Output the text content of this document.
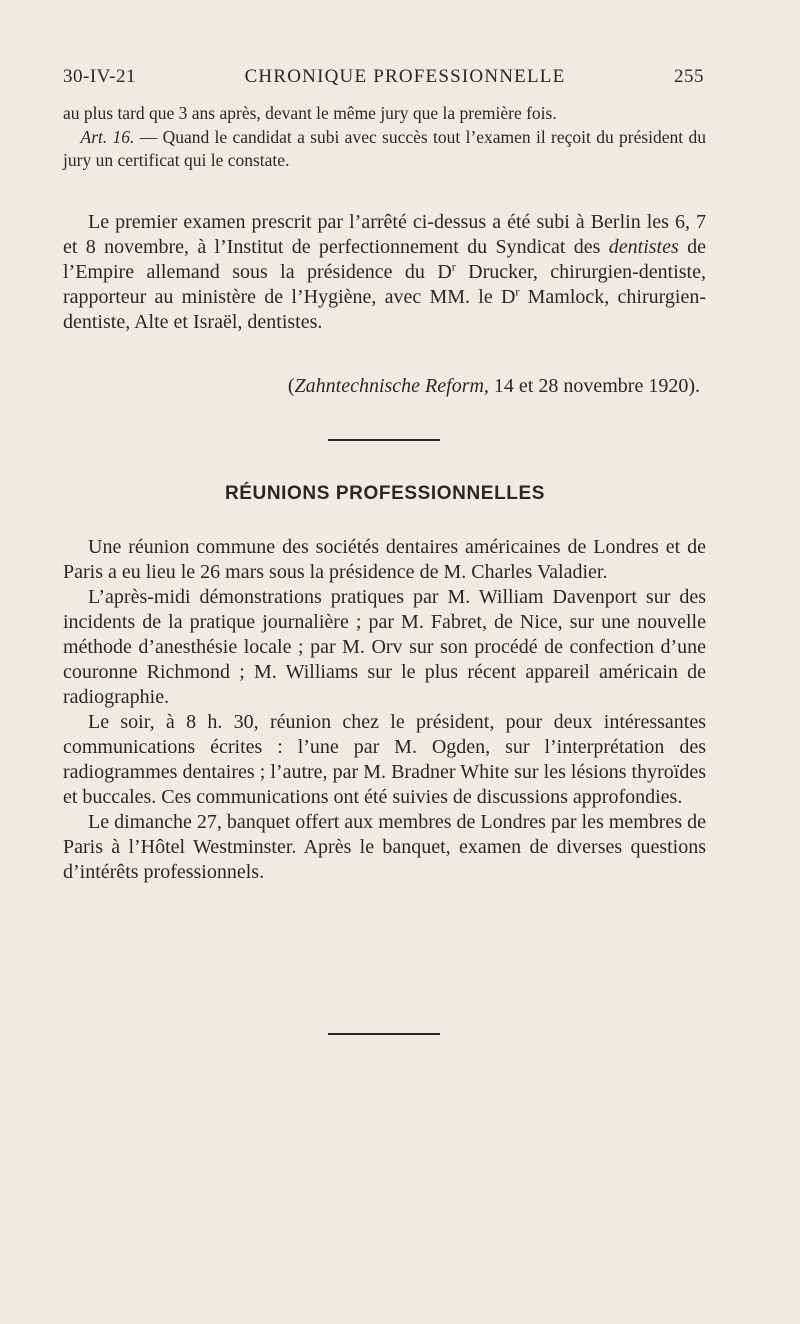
30-IV-21	CHRONIQUE PROFESSIONNELLE	255

au plus tard que 3 ans après, devant le même jury que la première fois.

 Art. 16. — Quand le candidat a subi avec succès tout l’examen il reçoit du président du jury un certificat qui le constate.

Le premier examen prescrit par l’arrêté ci-dessus a été subi à Berlin les 6, 7 et 8 novembre, à l’Institut de perfectionnement du Syndicat des dentistes de l’Empire allemand sous la présidence du $D^r$ Drucker, chirurgien-dentiste, rapporteur au ministère de l’Hygiène, avec MM. le $D^r$ Mamlock, chirurgien-dentiste, Alte et Israël, dentistes.

(Zahntechnische Reform, 14 et 28 novembre 1920).
RÉUNIONS PROFESSIONNELLES

Une réunion commune des sociétés dentaires américaines de Londres et de Paris a eu lieu le 26 mars sous la présidence de M. Charles Valadier.

L’après-midi démonstrations pratiques par M. William Davenport sur des incidents de la pratique journalière ; par M. Fabret, de Nice, sur une nouvelle méthode d’anesthésie locale ; par M. Orv sur son procédé de confection d’une couronne Richmond ; M. Williams sur le plus récent appareil américain de radiographie.

Le soir, à 8 h. 30, réunion chez le président, pour deux intéressantes communications écrites : l’une par M. Ogden, sur l’interprétation des radiogrammes dentaires ; l’autre, par M. Bradner White sur les lésions thyroïdes et buccales. Ces communications ont été suivies de discussions approfondies.

Le dimanche 27, banquet offert aux membres de Londres par les membres de Paris à l’Hôtel Westminster. Après le banquet, examen de diverses questions d’intérêts professionnels.
